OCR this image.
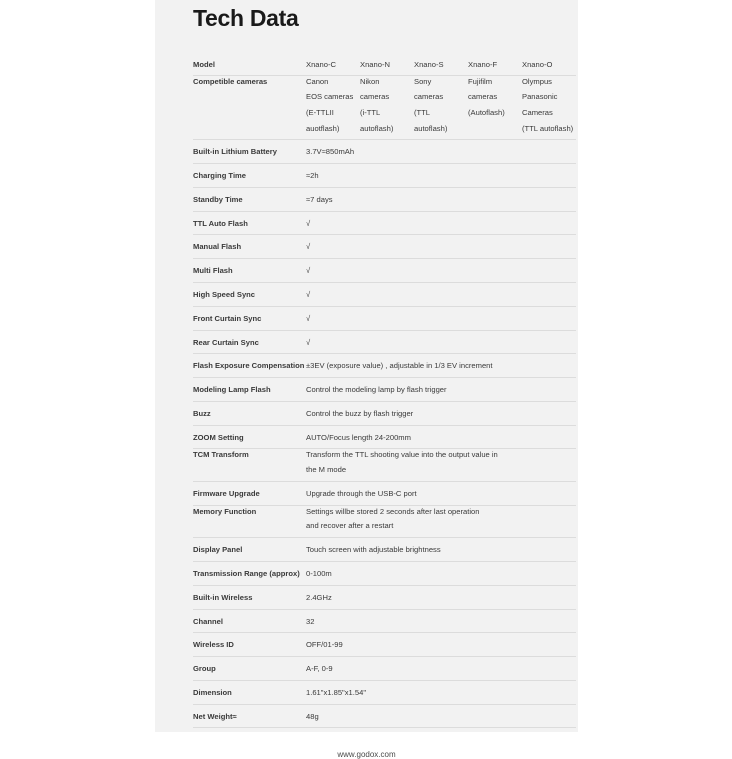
Tech Data
Model	Xnano-C	Xnano-N	Xnano-S	Xnano-F	Xnano-O
Competible cameras	Canon	Nikon	Sony	Fujifilm	Olympus
	EOS cameras	cameras	cameras	cameras	Panasonic
	(E-TTLII	(i-TTL	(TTL	(Autoflash)	Cameras
	auotflash)	autoflash)	autoflash)		(TTL autoflash)
Built-in Lithium Battery	3.7V≈850mAh				
Charging Time	≈2h				
Standby Time	≈7 days				
TTL Auto Flash	√				
Manual Flash	√				
Multi Flash	√				
High Speed Sync	√				
Front Curtain Sync	√				
Rear Curtain Sync	√				
Flash Exposure Compensation	±3EV (exposure value) , adjustable in 1/3 EV increment				
Modeling Lamp Flash	Control the modeling lamp by flash trigger				
Buzz	Control the buzz by flash trigger				
ZOOM Setting	AUTO/Focus length 24-200mm				
TCM Transform	Transform the TTL shooting value into the output value in				
	the M mode				
Firmware Upgrade	Upgrade through the USB-C port				
Memory Function	Settings willbe stored 2 seconds after last operation				
	and recover after a restart				
Display Panel	Touch screen with adjustable brightness				
Transmission Range (approx)	0-100m				
Built-in Wireless	2.4GHz				
Channel	32				
Wireless ID	OFF/01-99				
Group	A-F, 0-9				
Dimension	1.61"x1.85"x1.54"				
Net Weight≈	48g				
www.godox.com
